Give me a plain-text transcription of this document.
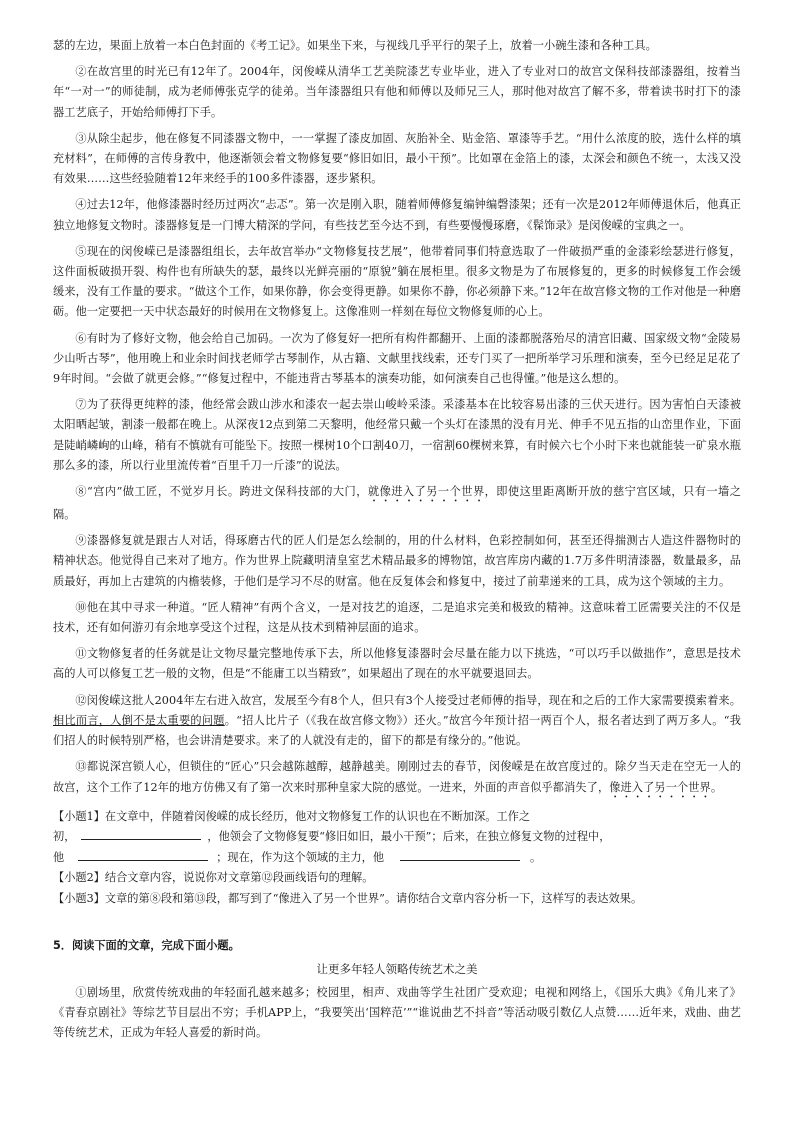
瑟的左边，果面上放着一本白色封面的《考工记》。如果坐下来，与视线几乎平行的架子上，放着一小碗生漆和各种工具。

②在故宫里的时光已有12年了。2004年，闵俊嵘从清华工艺美院漆艺专业毕业，进入了专业对口的故宫文保科技部漆器组，按着当年“一对一”的师徒制，成为老师傅张克学的徒弟。当年漆器组只有他和师傅以及师兄三人，那时他对故宫了解不多，带着读书时打下的漆器工艺底子，开始给师傅打下手。

③从除尘起步，他在修复不同漆器文物中，一一掌握了漆皮加固、灰胎补全、贴金箔、罩漆等手艺。“用什么浓度的胶，选什么样的填充材料”，在师傅的言传身教中，他逐渐领会着文物修复要“修旧如旧，最小干预”。比如罩在金箔上的漆，太深会和颜色不统一，太浅又没有效果……这些经验随着12年来经手的100多件漆器，逐步紧积。

④过去12年，他修漆器时经历过两次“忐忑”。第一次是刚入职，随着师傅修复编钟编磬漆架；还有一次是2012年师傅退休后，他真正独立地修复文物时。漆器修复是一门博大精深的学问，有些技艺至今达不到，有些要慢慢琢磨，《髹饰录》是闵俊嵘的宝典之一。

⑤现在的闵俊嵘已是漆器组组长，去年故宫举办“文物修复技艺展”，他带着同事们特意选取了一件破损严重的金漆彩绘瑟进行修复，这件面板破损开裂、构件也有所缺失的瑟，最终以光鲜亮丽的“原貌”躺在展柜里。很多文物是为了布展修复的，更多的时候修复工作会缓缓来，没有工作量的要求。“做这个工作，如果你静，你会变得更静。如果你不静，你必须静下来。”12年在故宫修文物的工作对他是一种磨砺。他一定要把一天中状态最好的时候用在文物修复上。这像准则一样刻在每位文物修复师的心上。

⑥有时为了修好文物，他会给自己加码。一次为了修复好一把所有构件都翻开、上面的漆都脱落殆尽的清宫旧藏、国家级文物“金陵易少山听古琴”，他用晚上和业余时间找老师学古琴制作，从古籍、文献里找线索，还专门买了一把所举学习乐理和演奏，至今已经足足花了9年时间。“会做了就更会修。”“修复过程中，不能违背古琴基本的演奏功能，如何演奏自己也得懂。”他是这么想的。

⑦为了获得更纯粹的漆，他经常会跋山涉水和漆农一起去崇山峻岭采漆。采漆基本在比较容易出漆的三伏天进行。因为害怕白天漆被太阳晒起皱，割漆一般都在晚上。从深夜12点到第二天黎明，他经常只戴一个头灯在漆黑的没有月光、伸手不见五指的山峦里作业，下面是陡峭嶙峋的山峰，稍有不慎就有可能坠下。按照一棵树10个口割40刀，一宿割60棵树来算，有时候六七个小时下来也就能装一矿泉水瓶那么多的漆，所以行业里流传着“百里千刀一斤漆”的说法。

⑧“宫内”做工匠，不觉岁月长。跨进文保科技部的大门，就像进入了另一个世界，即使这里距离断开放的慈宁宫区域，只有一墙之隔。

⑨漆器修复就是跟古人对话，得琢磨古代的匠人们是怎么绘制的，用的什么材料，色彩控制如何，甚至还得揣测古人造这件器物时的精神状态。他觉得自己来对了地方。作为世界上院藏明清皇室艺术精品最多的博物馆，故宫库房内藏的1.7万多件明清漆器，数量最多，品质最好，再加上古建筑的内檐装修，于他们是学习不尽的财富。他在反复体会和修复中，接过了前辈递来的工具，成为这个领域的主力。

⑩他在其中寻求一种道。“匠人精神”有两个含义，一是对技艺的追逐，二是追求完美和极致的精神。这意味着工匠需要关注的不仅是技术，还有如何游刃有余地享受这个过程，这是从技术到精神层面的追求。

⑪文物修复者的任务就是让文物尽量完整地传承下去，所以他修复漆器时会尽量在能力以下挑选，“可以巧手以做拙作”，意思是技术高的人可以修复工艺一般的文物，但是“不能庸工以当精致”，如果超出了现在的水平就要退回去。

⑫闵俊嵘这批人2004年左右进入故宫，发展至今有8个人，但只有3个人接受过老师傅的指导，现在和之后的工作大家需要摸索着来。相比而言，人倒不是太重要的问题。“招人比片子（《我在故宫修文物》）还火。”故宫今年预计招一两百个人，报名者达到了两万多人。“我们招人的时候特别严格，也会讲清楚要求。来了的人就没有走的，留下的都是有缘分的。”他说。

⑬都说深宫锁人心，但锁住的“匠心”只会越陈越醇，越静越美。刚刚过去的春节，闵俊嵘是在故宫度过的。除夕当天走在空无一人的故宫，这个工作了12年的地方仿佛又有了第一次来时那种皇家大院的感觉。一进来，外面的声音似乎都消失了，像进入了另一个世界。

【小题1】在文章中，伴随着闵俊嵘的成长经历，他对文物修复工作的认识也在不断加深。工作之

初，	，他领会了文物修复要“修旧如旧，最小干预”；后来，在独立修复文物的过程中，

他	；现在，作为这个领域的主力，他	。

【小题2】结合文章内容，说说你对文章第⑫段画线语句的理解。

【小题3】文章的第⑧段和第⑬段，都写到了“像进入了另一个世界”。请你结合文章内容分析一下，这样写的表达效果。

5．阅读下面的文章，完成下面小题。

让更多年轻人领略传统艺术之美

①剧场里，欣赏传统戏曲的年轻面孔越来越多；校园里，相声、戏曲等学生社团广受欢迎；电视和网络上，《国乐大典》《角儿来了》《青春京剧社》等综艺节目层出不穷；手机APP上，“我要笑出‘国粹范’”“谁说曲艺不抖音”等活动吸引数亿人点赞……近年来，戏曲、曲艺等传统艺术，正成为年轻人喜爱的新时尚。
